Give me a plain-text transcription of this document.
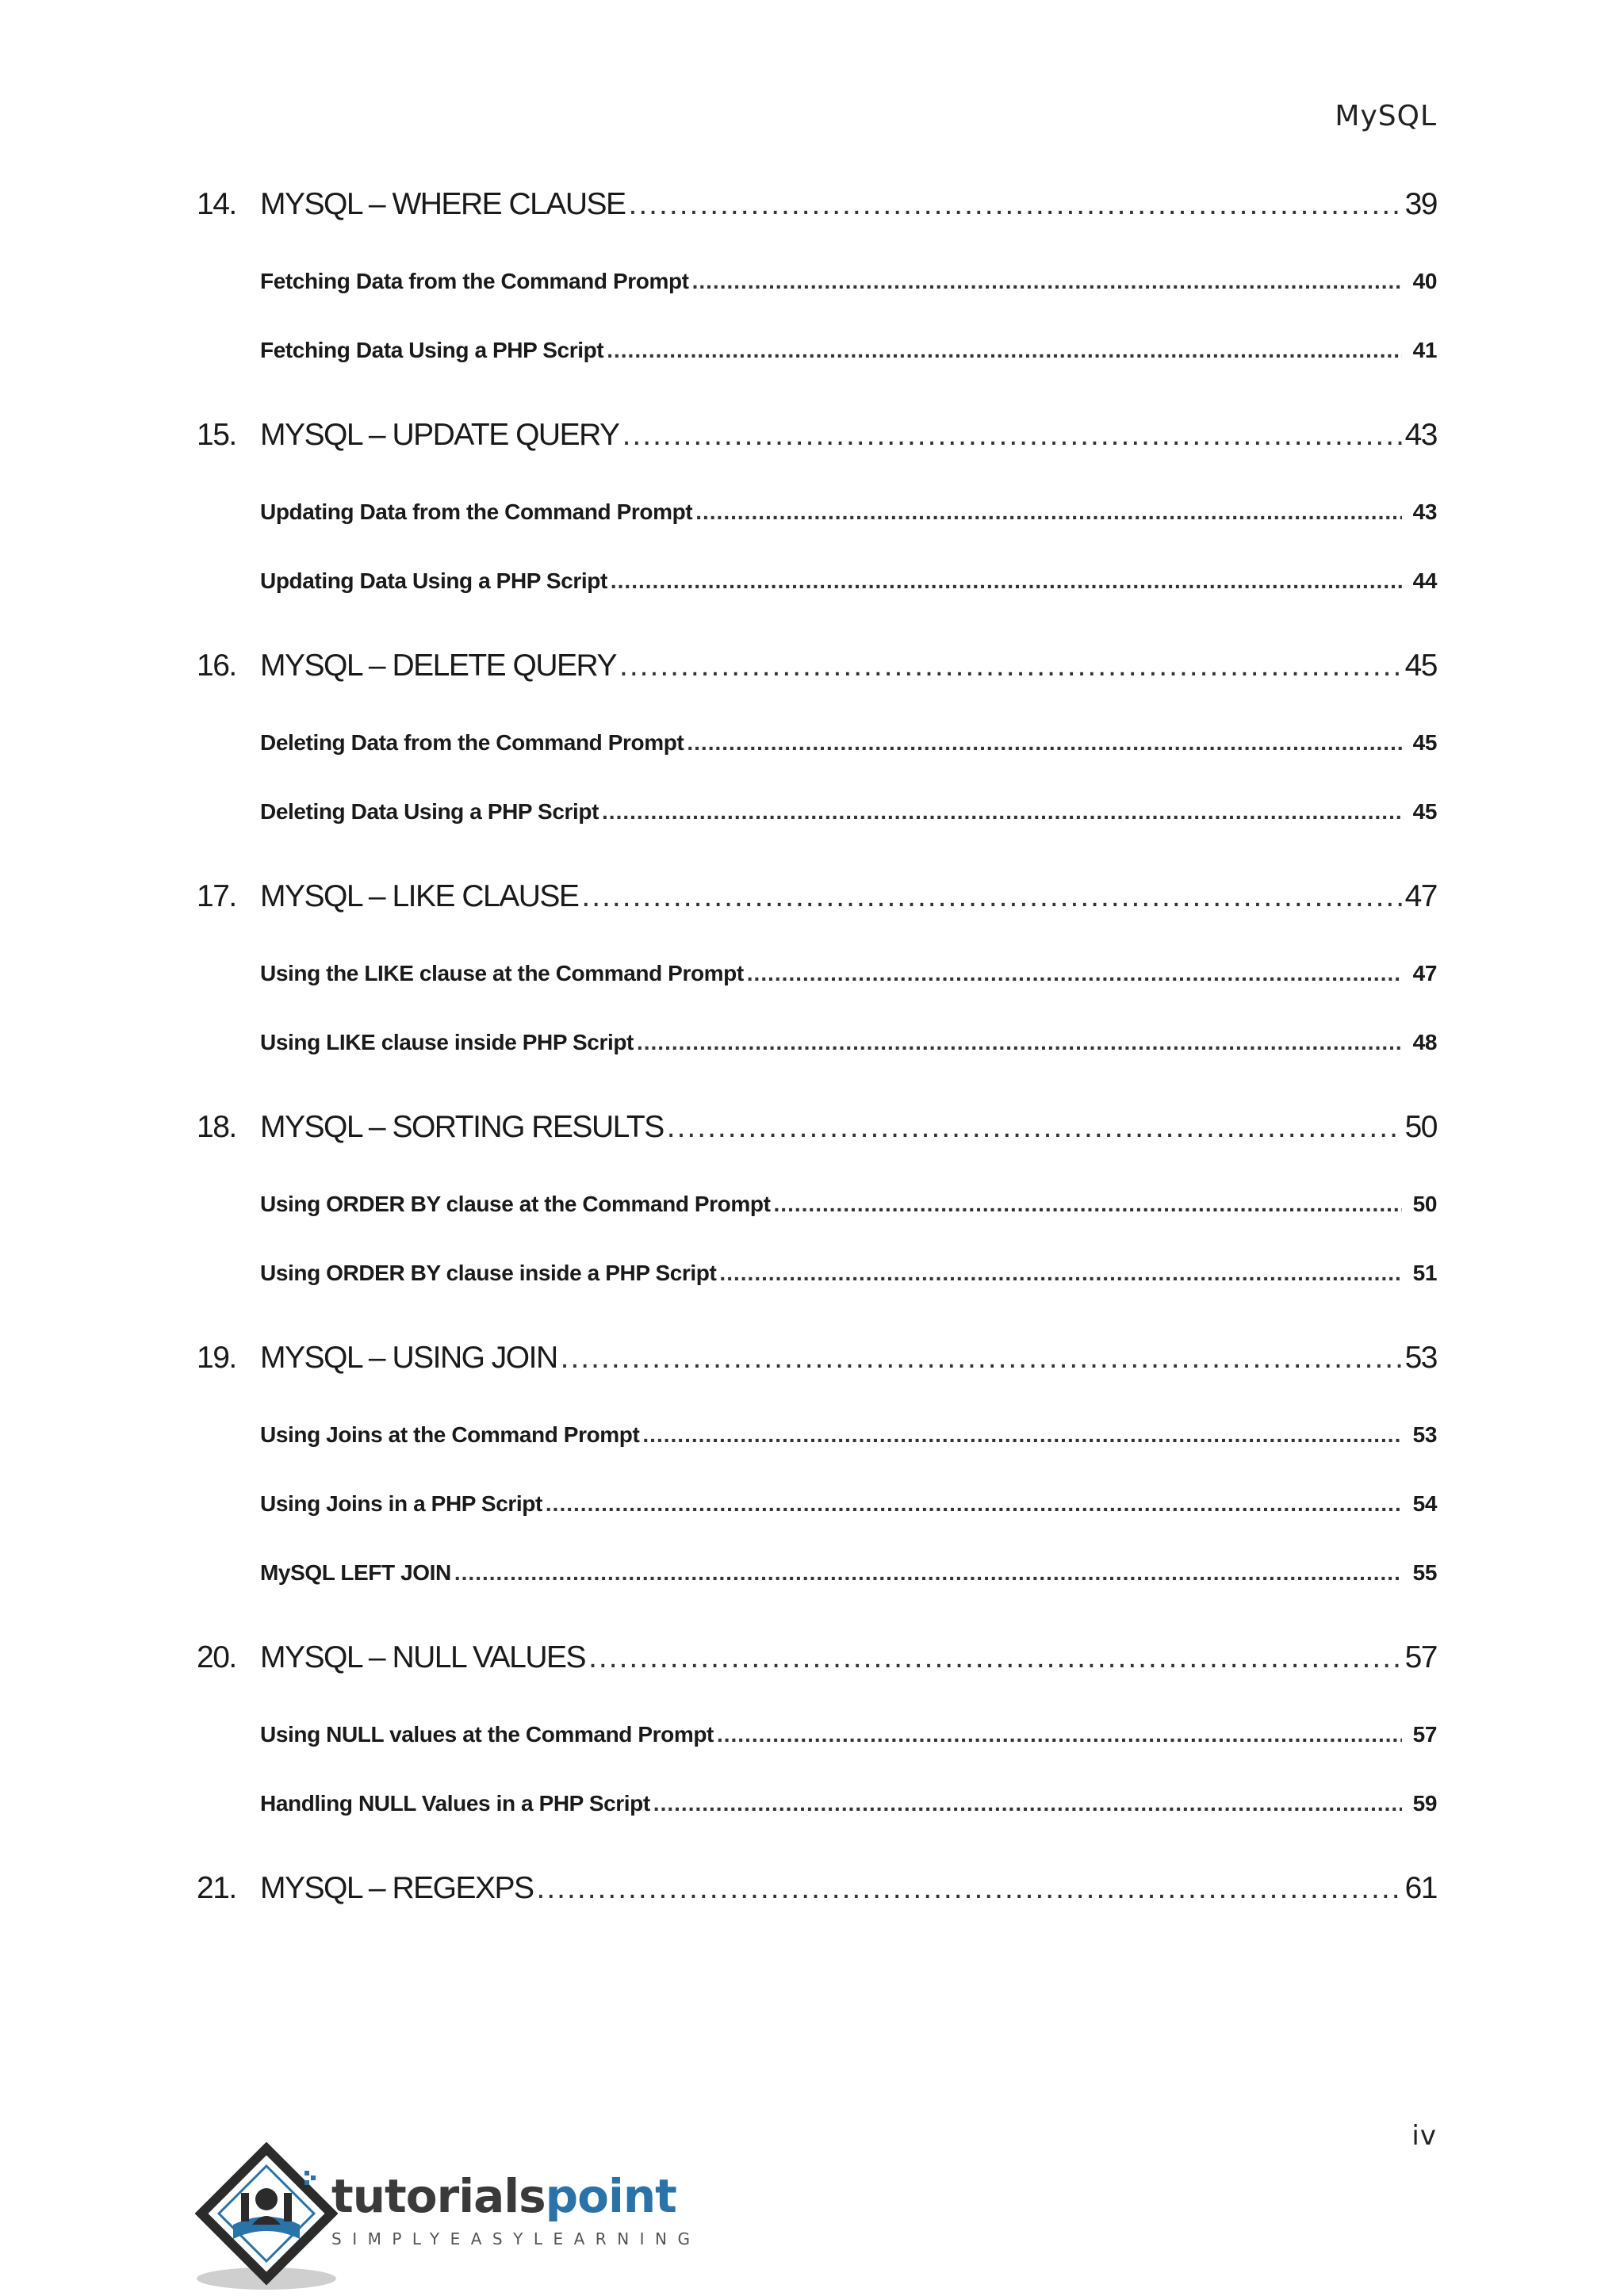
MySQL
14. MYSQL – WHERE CLAUSE .....	39
Fetching Data from the Command Prompt .....	40
Fetching Data Using a PHP Script .....	41
15. MYSQL – UPDATE QUERY .....	43
Updating Data from the Command Prompt .....	43
Updating Data Using a PHP Script .....	44
16. MYSQL – DELETE QUERY .....	45
Deleting Data from the Command Prompt .....	45
Deleting Data Using a PHP Script .....	45
17. MYSQL – LIKE CLAUSE .....	47
Using the LIKE clause at the Command Prompt .....	47
Using LIKE clause inside PHP Script .....	48
18. MYSQL – SORTING RESULTS .....	50
Using ORDER BY clause at the Command Prompt .....	50
Using ORDER BY clause inside a PHP Script .....	51
19. MYSQL – USING JOIN .....	53
Using Joins at the Command Prompt .....	53
Using Joins in a PHP Script .....	54
MySQL LEFT JOIN .....	55
20. MYSQL – NULL VALUES .....	57
Using NULL values at the Command Prompt .....	57
Handling NULL Values in a PHP Script .....	59
21. MYSQL – REGEXPS .....	61
iv
tutorialspoint
SIMPLYEASYLEARNING
